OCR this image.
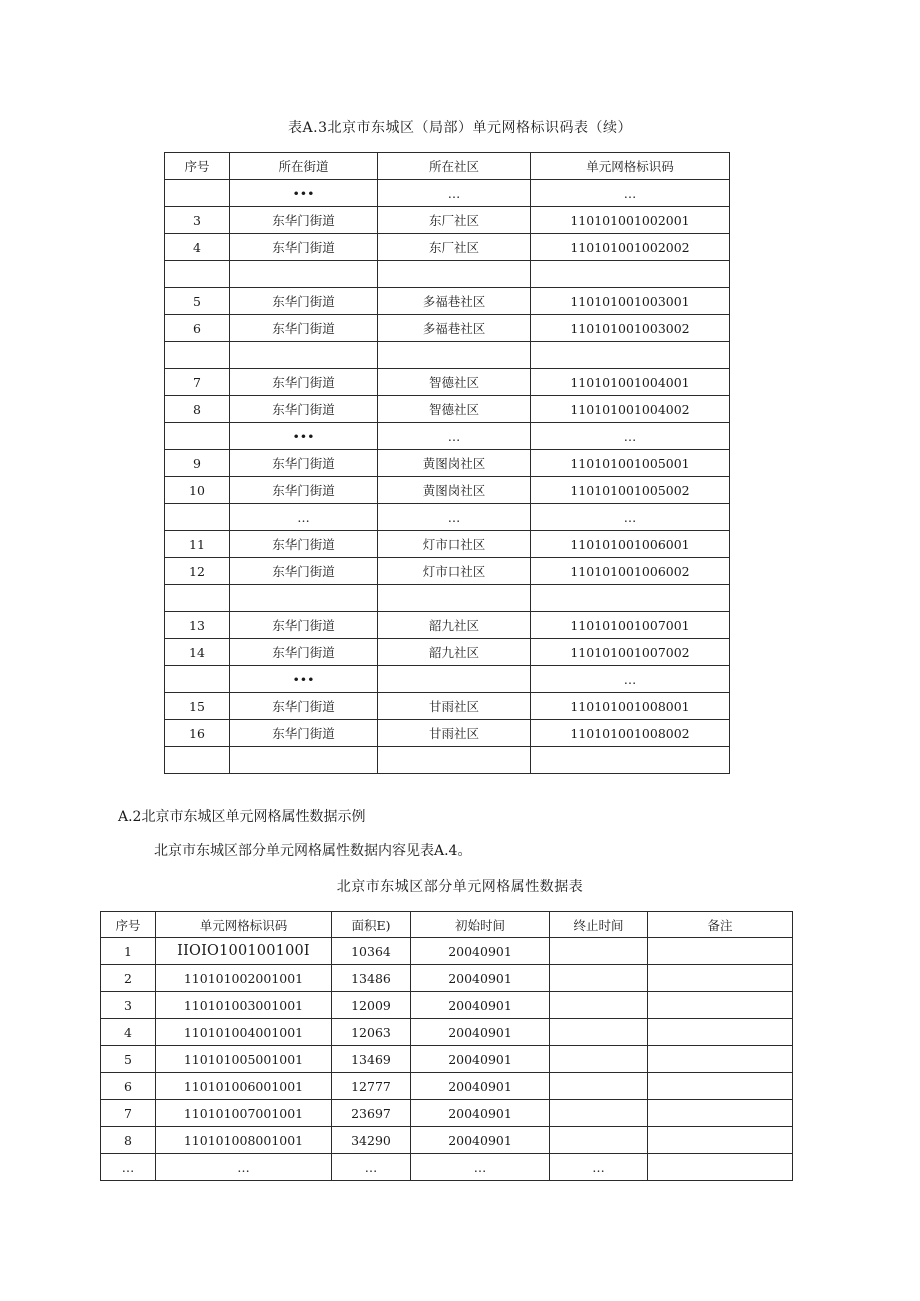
表A.3北京市东城区（局部）单元网格标识码表（续）
序号	所在街道	所在社区	单元网格标识码
	•••	…	…
3	东华门街道	东厂社区	110101001002001
4	东华门街道	东厂社区	110101001002002

5	东华门街道	多福巷社区	110101001003001
6	东华门街道	多福巷社区	110101001003002

7	东华门街道	智德社区	110101001004001
8	东华门街道	智德社区	110101001004002
	•••	…	…
9	东华门街道	黄图岗社区	110101001005001
10	东华门街道	黄图岗社区	110101001005002
	…	…	…
11	东华门街道	灯市口社区	110101001006001
12	东华门街道	灯市口社区	110101001006002

13	东华门街道	韶九社区	110101001007001
14	东华门街道	韶九社区	110101001007002
	•••		…
15	东华门街道	甘雨社区	110101001008001
16	东华门街道	甘雨社区	110101001008002

A.2北京市东城区单元网格属性数据示例
北京市东城区部分单元网格属性数据内容见表A.4。
北京市东城区部分单元网格属性数据表
序号	单元网格标识码	面积E)	初始时间	终止时间	备注
1	IIOIO100100100I	10364	20040901		
2	110101002001001	13486	20040901		
3	110101003001001	12009	20040901		
4	110101004001001	12063	20040901		
5	110101005001001	13469	20040901		
6	110101006001001	12777	20040901		
7	110101007001001	23697	20040901		
8	110101008001001	34290	20040901		
…	…	…	…	…	
